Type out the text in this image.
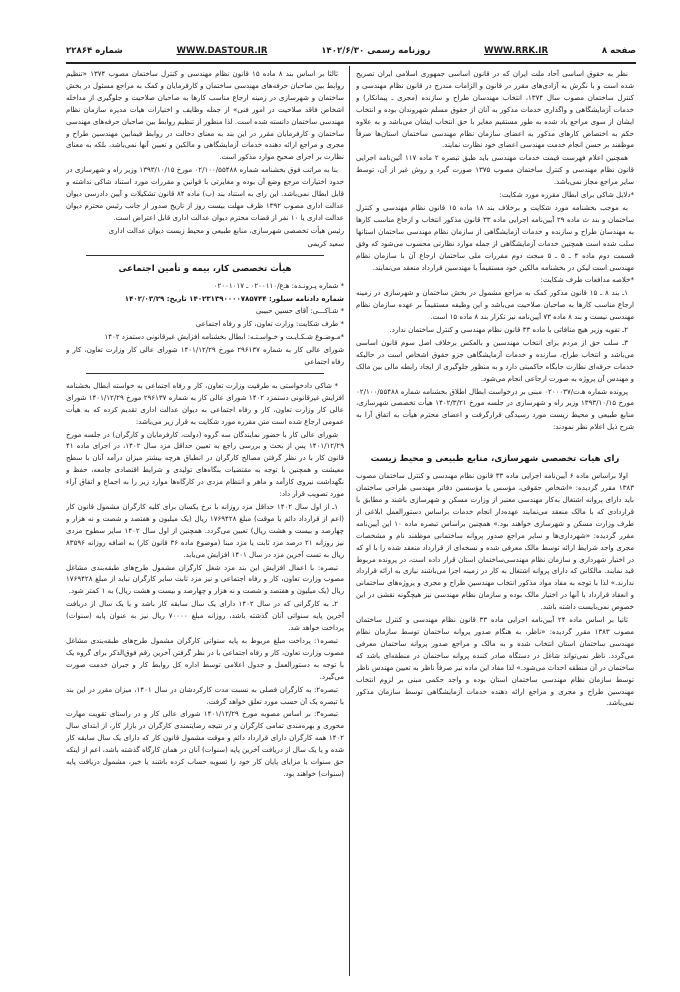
صفحه ۸
WWW.RRK.IR
روزنامه رسمی ۱۴۰۲/۶/۳۰
WWW.DASTOUR.IR
شماره ۲۲۸۶۴

نظر به حقوق اساسی آحاد ملت ایران که در قانون اساسی جمهوری اسلامی ایران تصریح شده است و با نگرش به آزادی‌های مقرر در قانون و الزامات مندرج در قانون نظام مهندسی و کنترل ساختمان مصوب سال ۱۳۷۴، انتخاب مهندسان طراح و سازنده (مجری ـ پیمانکار) و خدمات آزمایشگاهی و واگذاری خدمات مذکور به آنان از حقوق مسلم شهروندان بوده و انتخاب ایشان از سوی مراجع یاد شده به طور مستقیم مغایر با حق انتخاب ایشان می‌باشد و به علاوه حکم به اختصاص کارهای مذکور به اعضای سازمان نظام مهندسی ساختمان استان‌ها صرفاً موظفند بر حسن انجام خدمت مهندسی اعضای خود نظارت نمایند.

همچنین اعلام فهرست قیمت خدمات مهندسی باید طبق تبصره ۲ ماده ۱۱۷ آئین‌نامه اجرایی قانون نظام مهندسی و کنترل ساختمان مصوب ۱۳۷۵ صورت گیرد و روش غیر از آن، توسط سایر مراجع مجاز نمی‌باشد.

*دلایل شاکی برای ابطال مقرره مورد شکایت:

به موجب بخشنامه مورد شکایت و برخلاف بند ۱۸ ماده ۱۵ قانون نظام مهندسی و کنترل ساختمان و بند ث ماده ۲۹ آیین‌نامه اجرایی ماده ۳۳ قانون مذکور انتخاب و ارجاع مناسب کارها به مهندسان طراح و سازنده و خدمات آزمایشگاهی از سازمان نظام مهندسی ساختمان استانها سلب شده است همچنین خدمات آزمایشگاهی از جمله موارد نظارتی محسوب می‌شود که وفق قسمت دوم ماده ۴ ـ ۵ ـ ۵ مبحث دوم مقررات ملی ساختمان ارجاع آن با سازمان نظام مهندسی است لیکن در بخشنامه مالکین خود مستقیماً با مهندسین قرارداد منعقد می‌نمایند.

*خلاصه مدافعات طرف شکایت:

۱ـ بند ۸ ـ ۱۵ قانون مذکور کمک به مراجع مشمول در بخش ساختمان و شهرسازی در زمینه ارجاع مناسب کارها به صاحبان صلاحیت می‌باشد و این وظیفه مستقیماً بر عهده سازمان نظام مهندسی نیست و بند ۸ ماده ۷۳ آیین‌نامه نیز تکرار بند ۸ ماده ۱۵ است.

۲ـ تفویه وزیر هیچ منافاتی با ماده ۳۳ قانون نظام مهندسی و کنترل ساختمان ندارد.

۳ـ سلب حق از مردم برای انتخاب مهندسین و بالعکس برخلاف اصل سوم قانون اساسی می‌باشد و انتخاب طراح، سازنده و خدمات آزمایشگاهی جزو حقوق اشخاص است در حالیکه خدمات حرفه‌ای نظارت جایگاه حاکمیتی دارد و به منظور جلوگیری از ایجاد رابطه مالی بین مالک و مهندس آن پروژه به صورت ارجاعی انجام می‌شود.

پرونده شماره هـ‌ت/۰۲۰۰۰۳۷ مبنی بر درخواست ابطال اطلاق بخشنامه شماره ۰۲/۱۰۰/۵۵۴۸۸ مورخ ۱۳۹۳/۱۰/۱۵ وزیر راه و شهرسازی در جلسه مورخ ۱۴۰۲/۳/۲۱ هیأت تخصصی شهرسازی، منابع طبیعی و محیط زیست مورد رسیدگی قرارگرفت و اعضای محترم هیأت به اتفاق آرا به شرح ذیل اعلام نظر نمودند:

رای هیات تخصصی شهرسازی، منابع طبیعی و محیط زیست

اولا براساس ماده ۶ آیین‌نامه اجرایی ماده ۳۳ قانون نظام مهندسی و کنترل ساختمان مصوب ۱۳۸۳ مقرر گردیده: «اشخاص حقوقی، مؤسس یا مؤسسین دفاتر مهندسی طراحی ساختمان باید دارای پروانه اشتغال به‌کار مهندسی معتبر از وزارت مسکن و شهرسازی باشند و مطابق با قراردادی که با مالک منعقد می‌نمایند عهده‌دار انجام خدمات براساس دستورالعمل ابلاغی از طرف وزارت مسکن و شهرسازی خواهند بود.» همچنین براساس تبصره ماده ۱۰ این آیین‌نامه مقرر گردیده: «شهرداری‌ها و سایر مراجع صدور پروانه ساختمانی موظفند نام و مشخصات مجری واجد شرایط ارائه توسط مالک معرفی شده و نسخه‌ای از قرارداد منعقد شده را با او که در اختیار شهرداری و سازمان نظام مهندسی‌ساختمان استان قرار داده است، در پرونده مربوط قید نمایند. مالکانی که دارای پروانه اشتغال به کار در زمینه اجرا می‌باشند نیازی به ارائه قرارداد ندارند.» لذا با توجه به مفاد مواد مذکور انتخاب مهندسین طراح و مجری و پروژه‌های ساختمانی و انعقاد قرارداد با آنها در اختیار مالک بوده و سازمان نظام مهندسی نیز هیچگونه نقشی در این خصوص نمی‌بایست داشته باشد.

ثانیا بر اساس ماده ۲۴ آیین‌نامه اجرایی ماده ۳۳ قانون نظام مهندسی و کنترل ساختمان مصوب ۱۳۸۳ مقرر گردیده: «ناظر، به هنگام صدور پروانه ساختمان توسط سازمان نظام مهندسی ساختمان استان انتخاب شده و به مالک و مراجع صدور پروانه ساختمان معرفی می‌گردد. ناظر نمی‌تواند شاغل در دستگاه صادر کننده پروانه ساختمان در منطقه‌ای باشد که ساختمان در آن منطقه احداث می‌شود.» لذا مفاد این ماده نیز صرفاً ناظر به تعیین مهندس ناظر توسط سازمان نظام مهندسی ساختمان استان بوده و واجد حکمی مبنی بر لزوم انتخاب مهندسین طراح و مجری و مراجع ارائه دهنده خدمات آزمایشگاهی توسط سازمان مذکور نمی‌باشد.

ثالثا بر اساس بند ۸ ماده ۱۵ قانون نظام مهندسی و کنترل ساختمان مصوب ۱۳۷۴ «تنظیم روابط بین صاحبان حرفه‌های مهندسی ساختمان و کارفرمایان و کمک به مراجع مسئول در بخش ساختمان و شهرسازی در زمینه ارجاع مناسب کارها به صاحبان صلاحیت و جلوگیری از مداخله اشخاص فاقد صلاحیت در امور فنی» از جمله وظایف و اختیارات هیات مدیره سازمان نظام مهندسی ساختمان دانسته شده است. لذا منظور از تنظیم روابط بین صاحبان حرفه‌های مهندسی ساختمان و کارفرمایان مقرر در این بند به معنای دخالت در روابط فیمابین مهندسین طراح و مجری و مراجع ارائه دهنده خدمات آزمایشگاهی و مالکین و تعیین آنها نمی‌باشد، بلکه به معنای نظارت بر اجرای صحیح موارد مذکور است.

بنا به مراتب فوق بخشنامه شماره ۰۲/۱۰۰/۵۵۴۸۸ مورخ ۱۳۹۳/۱۰/۱۵ وزیر راه و شهرسازی در حدود اختیارات مرجع وضع آن بوده و مغایرتی با قوانین و مقررات مورد استناد شاکی نداشته و قابل ابطال نمی‌باشد. این رای به استناد بند (ب) ماده ۸۴ قانون تشکیلات و آیین دادرسی دیوان عدالت اداری مصوب ۱۳۹۲ ظرف مهلت بیست روز از تاریخ صدور از جانب رئیس محترم دیوان عدالت اداری یا ۱۰ نفر از قضات محترم دیوان عدالت اداری قابل اعتراض است.

رئیس هیأت تخصصی شهرسازی، منابع طبیعی و محیط زیست دیوان عدالت اداری

سعید کریمی

هیأت تخصصی کار، بیمه و تأمین اجتماعی

* شماره پـرونـده: هـ‌ع/۰۲۰۰۱۱۰ ـ ۰۲۰۰۱۰۱۷

شماره دادنامه سیلور: ۱۴۰۲۳۱۳۹۰۰۰۰۷۸۵۷۴۴ تاریخ: ۱۴۰۲/۰۳/۲۹

* شـاکـــی: آقای حسین حبیبی

* طرف شکایت: وزارت تعاون، کار و رفاه اجتماعی

*مـوضـوع شـکـایـت و خـواسـتـه: ابطال بخشنامه افزایش غیرقانونی دستمزد ۱۴۰۲

شورای عالی کار به شماره ۲۹۶۱۳۷ مورخ ۱۴۰۱/۱۲/۲۹ شورای عالی کار وزارت تعاون، کار و رفاه اجتماعی

* شاکی دادخواستی به طرفیت وزارت تعاون، کار و رفاه اجتماعی به خواسته ابطال بخشنامه افزایش غیرقانونی دستمزد ۱۴۰۲ شورای عالی کار به شماره ۲۹۶۱۳۷ مورخ ۱۴۰۱/۱۲/۲۹ شورای عالی کار وزارت تعاون، کار و رفاه اجتماعی به دیوان عدالت اداری تقدیم کرده که به هیأت عمومی ارجاع شده است متن مقرره مورد شکایت به قرار زیر می‌باشد:

شورای عالی کار با حضور نمایندگان سه گروه (دولت، کارفرمایان و کارگران) در جلسه مورخ ۱۴۰۱/۱۲/۲۹ پس از بحث و بررسی راجع به تعیین حداقل مزد سال ۱۴۰۲، در اجرای ماده ۴۱ قانون کار با در نظر گرفتن مصالح کارگران در انطباق هرچه بیشتر میزان درآمد آنان با سطح معیشت و همچنین با توجه به مقتضیات بنگاه‌های تولیدی و شرایط اقتصادی جامعه، حفظ و نگهداشت نیروی کارآمد و ماهر و انتظام مزدی در کارگاه‌ها موارد زیر را به اجماع و اتفاق آراء مورد تصویب قرار داد:

۱ـ از اول سال ۱۴۰۲ حداقل مزد روزانه با نرخ یکسان برای کلیه کارگران مشمول قانون کار (اعم از قرارداد دائم یا موقت) مبلغ ۱۷۶۹۴۲۸ ریال (یک میلیون و هفتصد و شصت و نه هزار و چهارصد و بیست و هشت ریال) تعیین می‌گردد. همچنین از اول سال ۱۴۰۲ سایر سطوح مزدی نیز روزانه ۲۱ درصد مزد ثابت یا مزد مبنا (موضوع ماده ۳۶ قانون کار) به اضافه روزانه ۸۳۵۹۶ ریال به تست آخرین مزد در سال ۱۴۰۱ افزایش می‌یابد.

تبصره: با اعمال افزایش این بند مزد شغل کارگران مشمول طرح‌های طبقه‌بندی مشاغل مصوب وزارت تعاون، کار و رفاه اجتماعی و نیز مزد ثابت سایر کارگران نباید از مبلغ ۱۷۶۹۴۲۸ ریال (یک میلیون و هفتصد و شصت و نه هزار و چهارصد و بیست و هشت ریال) به ۱ کمتر شود.

۲ـ به کارگرانی که در سال ۱۴۰۲ دارای یک سال سابقه کار باشد و یا یک سال از دریافت آخرین پایه سنواتی آنان گذشته باشد، روزانه مبلغ ۷۰۰۰۰ ریال نیز به عنوان پایه (سنوات) پرداخت خواهد شد.

تبصره۱: پرداخت مبلغ مربوط به پایه سنواتی کارگران مشمول طرح‌های طبقه‌بندی مشاغل مصوب وزارت تعاون، کار و رفاه اجتماعی با در نظر گرفتن آخرین رقم فوق‌الذکر برای گروه یک با توجه به دستورالعمل و جدول اعلامی توسط اداره کل روابط کار و جبران خدمت صورت می‌گیرد.

تبصره۲: به کارگران فصلی به نسبت مدت کارکردشان در سال ۱۴۰۱، میزان مقرر در این بند با تبصره یک آن حسب مورد تعلق خواهد گرفت.

تبصره۳: بر اساس مصوبه مورخ ۱۴۰۱/۱۲/۲۹ شورای عالی کار و در راستای تقویت مهارت محوری و بهره‌مندی تمامی کارگران و در نتیجه رضایتمندی کارگران در بازار کار، از ابتدای سال ۱۴۰۲ همه کارگران دارای قرارداد دائم و موقت مشمول قانون کار که دارای یک سال سابقه کار شده و یا یک سال از دریافت آخرین پایه (سنوات) آنان در همان کارگاه گذشته باشد، اعم از اینکه حق سنوات یا مزایای پایان کار خود را تسویه حساب کرده باشند یا خیر، مشمول دریافت پایه (سنوات) خواهند بود.
